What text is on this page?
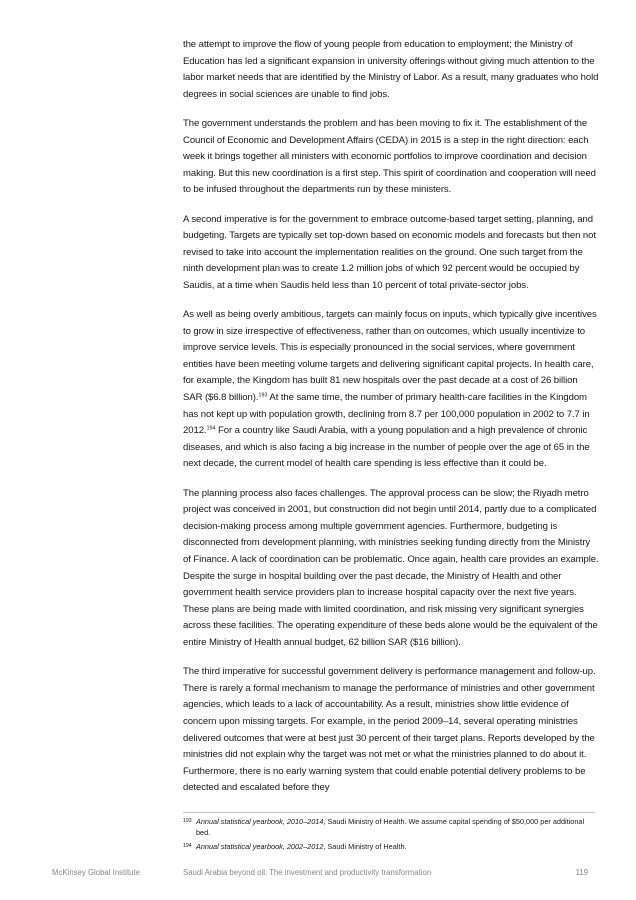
the attempt to improve the flow of young people from education to employment; the Ministry of Education has led a significant expansion in university offerings without giving much attention to the labor market needs that are identified by the Ministry of Labor. As a result, many graduates who hold degrees in social sciences are unable to find jobs.

The government understands the problem and has been moving to fix it. The establishment of the Council of Economic and Development Affairs (CEDA) in 2015 is a step in the right direction: each week it brings together all ministers with economic portfolios to improve coordination and decision making. But this new coordination is a first step. This spirit of coordination and cooperation will need to be infused throughout the departments run by these ministers.

A second imperative is for the government to embrace outcome-based target setting, planning, and budgeting. Targets are typically set top-down based on economic models and forecasts but then not revised to take into account the implementation realities on the ground. One such target from the ninth development plan was to create 1.2 million jobs of which 92 percent would be occupied by Saudis, at a time when Saudis held less than 10 percent of total private-sector jobs.

As well as being overly ambitious, targets can mainly focus on inputs, which typically give incentives to grow in size irrespective of effectiveness, rather than on outcomes, which usually incentivize to improve service levels. This is especially pronounced in the social services, where government entities have been meeting volume targets and delivering significant capital projects. In health care, for example, the Kingdom has built 81 new hospitals over the past decade at a cost of 26 billion SAR ($6.8 billion).$^{193}$ At the same time, the number of primary health-care facilities in the Kingdom has not kept up with population growth, declining from 8.7 per 100,000 population in 2002 to 7.7 in 2012.$^{194}$ For a country like Saudi Arabia, with a young population and a high prevalence of chronic diseases, and which is also facing a big increase in the number of people over the age of 65 in the next decade, the current model of health care spending is less effective than it could be.

The planning process also faces challenges. The approval process can be slow; the Riyadh metro project was conceived in 2001, but construction did not begin until 2014, partly due to a complicated decision-making process among multiple government agencies. Furthermore, budgeting is disconnected from development planning, with ministries seeking funding directly from the Ministry of Finance. A lack of coordination can be problematic. Once again, health care provides an example. Despite the surge in hospital building over the past decade, the Ministry of Health and other government health service providers plan to increase hospital capacity over the next five years. These plans are being made with limited coordination, and risk missing very significant synergies across these facilities. The operating expenditure of these beds alone would be the equivalent of the entire Ministry of Health annual budget, 62 billion SAR ($16 billion).

The third imperative for successful government delivery is performance management and follow-up. There is rarely a formal mechanism to manage the performance of ministries and other government agencies, which leads to a lack of accountability. As a result, ministries show little evidence of concern upon missing targets. For example, in the period 2009–14, several operating ministries delivered outcomes that were at best just 30 percent of their target plans. Reports developed by the ministries did not explain why the target was not met or what the ministries planned to do about it. Furthermore, there is no early warning system that could enable potential delivery problems to be detected and escalated before they

193 Annual statistical yearbook, 2010–2014, Saudi Ministry of Health. We assume capital spending of $50,000 per additional bed.
194 Annual statistical yearbook, 2002–2012, Saudi Ministry of Health.
McKinsey Global Institute	Saudi Arabia beyond oil: The investment and productivity transformation	119
